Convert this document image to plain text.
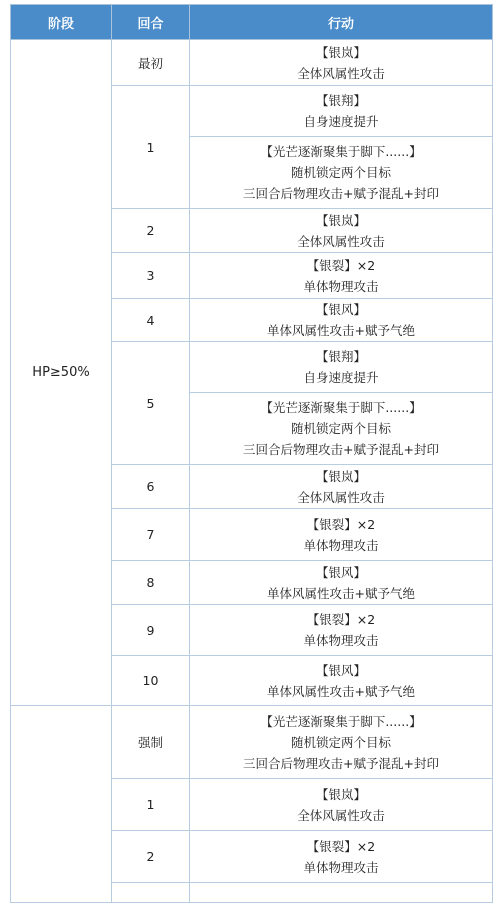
阶段	回合	行动
HP≥50%	最初	【银岚】
全体风属性攻击

	1	【银翔】
自身速度提升
【光芒逐渐聚集于脚下......】
随机锁定两个目标
三回合后物理攻击+赋予混乱+封印

	2	【银岚】
全体风属性攻击

	3	【银裂】×2
单体物理攻击

	4	【银风】
单体风属性攻击+赋予气绝

	5	【银翔】
自身速度提升
【光芒逐渐聚集于脚下......】
随机锁定两个目标
三回合后物理攻击+赋予混乱+封印

	6	【银岚】
全体风属性攻击

	7	【银裂】×2
单体物理攻击

	8	【银风】
单体风属性攻击+赋予气绝

	9	【银裂】×2
单体物理攻击

	10	【银风】
单体风属性攻击+赋予气绝

	强制	【光芒逐渐聚集于脚下......】
随机锁定两个目标
三回合后物理攻击+赋予混乱+封印

	1	【银岚】
全体风属性攻击

	2	【银裂】×2
单体物理攻击
